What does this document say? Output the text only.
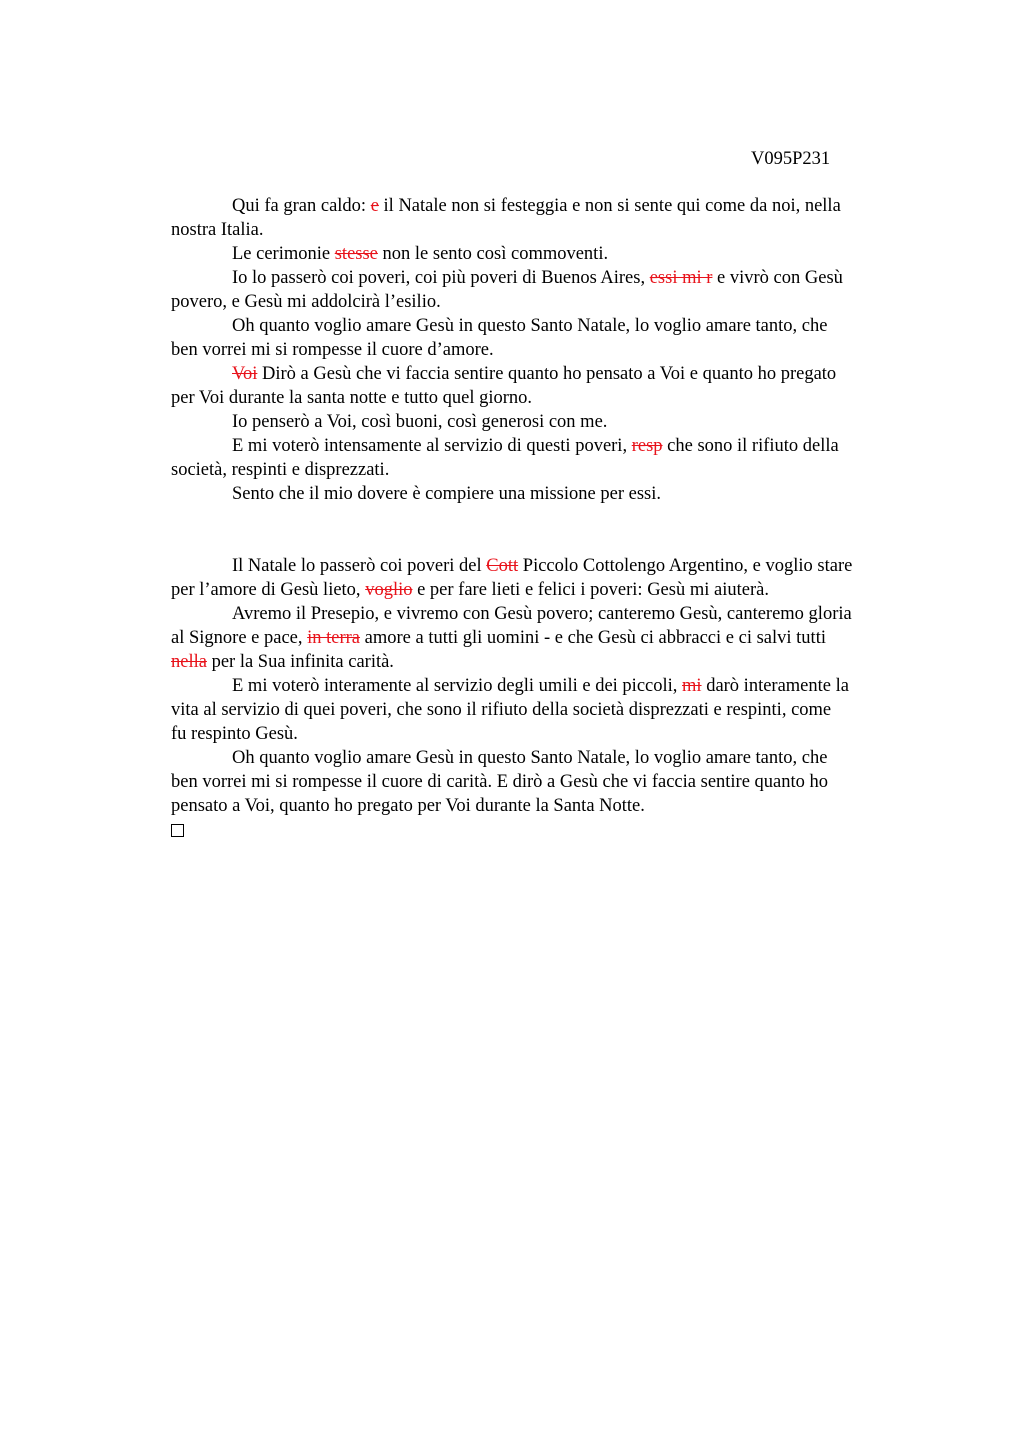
V095P231

Qui fa gran caldo: e il Natale non si festeggia e non si sente qui come da noi, nella
nostra Italia.

Le cerimonie stesse non le sento così commoventi.

Io lo passerò coi poveri, coi più poveri di Buenos Aires, essi mi r e vivrò con Gesù
povero, e Gesù mi addolcirà l’esilio.

Oh quanto voglio amare Gesù in questo Santo Natale, lo voglio amare tanto, che
ben vorrei mi si rompesse il cuore d’amore.

Voi Dirò a Gesù che vi faccia sentire quanto ho pensato a Voi e quanto ho pregato
per Voi durante la santa notte e tutto quel giorno.

Io penserò a Voi, così buoni, così generosi con me.

E mi voterò intensamente al servizio di questi poveri, resp che sono il rifiuto della
società, respinti e disprezzati.

Sento che il mio dovere è compiere una missione per essi.

Il Natale lo passerò coi poveri del Cott Piccolo Cottolengo Argentino, e voglio stare
per l’amore di Gesù lieto, voglio e per fare lieti e felici i poveri: Gesù mi aiuterà.

Avremo il Presepio, e vivremo con Gesù povero; canteremo Gesù, canteremo gloria
al Signore e pace, in terra amore a tutti gli uomini - e che Gesù ci abbracci e ci salvi tutti
nella per la Sua infinita carità.

E mi voterò interamente al servizio degli umili e dei piccoli, mi darò interamente la
vita al servizio di quei poveri, che sono il rifiuto della società disprezzati e respinti, come
fu respinto Gesù.

Oh quanto voglio amare Gesù in questo Santo Natale, lo voglio amare tanto, che
ben vorrei mi si rompesse il cuore di carità. E dirò a Gesù che vi faccia sentire quanto ho
pensato a Voi, quanto ho pregato per Voi durante la Santa Notte.
